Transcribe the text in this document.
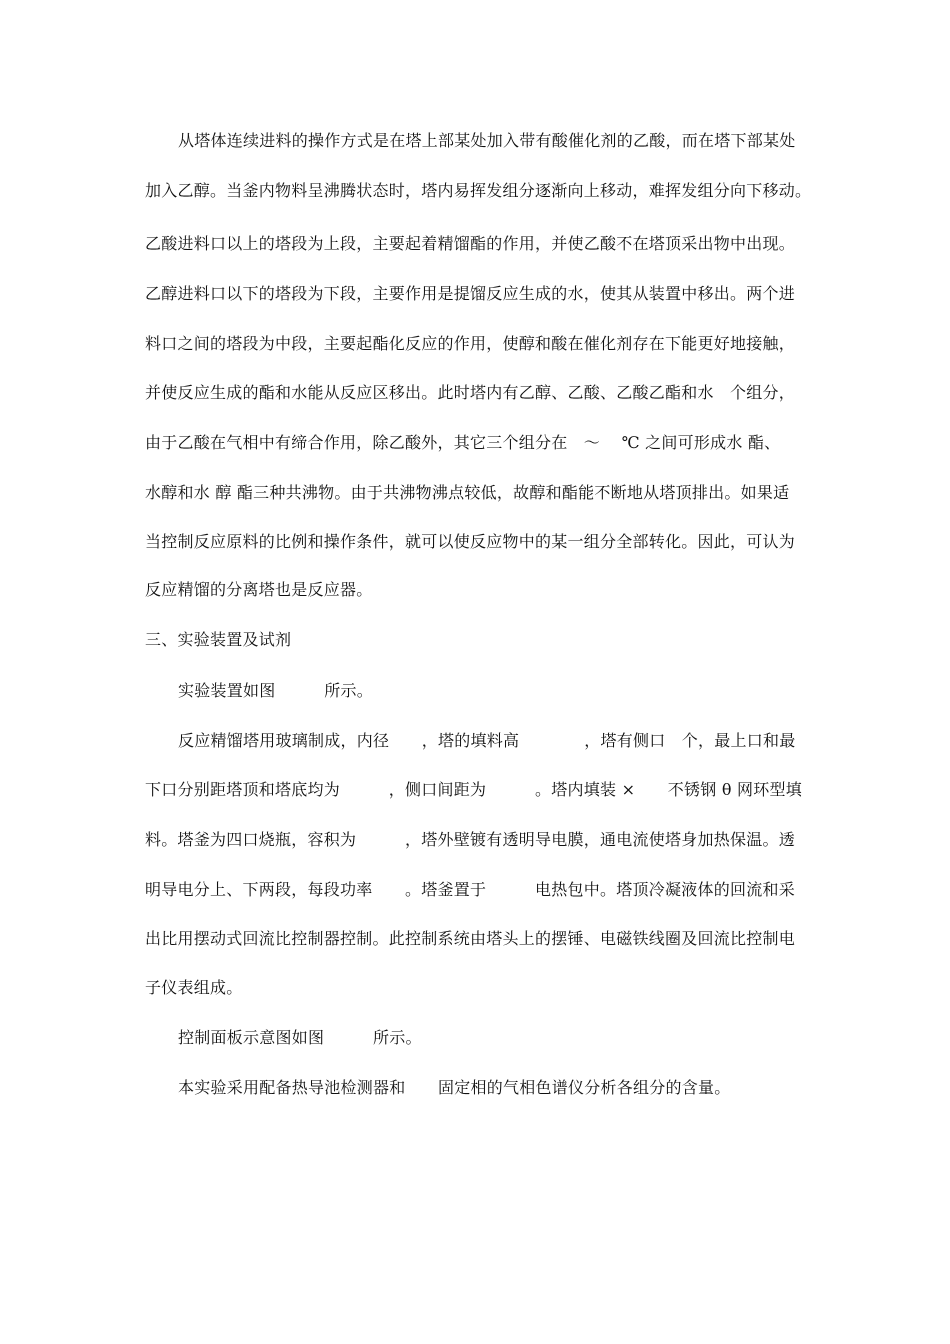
从塔体连续进料的操作方式是在塔上部某处加入带有酸催化剂的乙酸，而在塔下部某处
加入乙醇。当釜内物料呈沸腾状态时，塔内易挥发组分逐渐向上移动，难挥发组分向下移动。
乙酸进料口以上的塔段为上段，主要起着精馏酯的作用，并使乙酸不在塔顶采出物中出现。
乙醇进料口以下的塔段为下段，主要作用是提馏反应生成的水，使其从装置中移出。两个进
料口之间的塔段为中段，主要起酯化反应的作用，使醇和酸在催化剂存在下能更好地接触，
并使反应生成的酯和水能从反应区移出。此时塔内有乙醇、乙酸、乙酸乙酯和水　个组分，
由于乙酸在气相中有缔合作用，除乙酸外，其它三个组分在　～　 ℃ 之间可形成水 酯、
水醇和水 醇 酯三种共沸物。由于共沸物沸点较低，故醇和酯能不断地从塔顶排出。如果适
当控制反应原料的比例和操作条件，就可以使反应物中的某一组分全部转化。因此，可认为
反应精馏的分离塔也是反应器。
三、实验装置及试剂
实验装置如图　　　所示。
反应精馏塔用玻璃制成，内径　　，塔的填料高　　　　，塔有侧口　个，最上口和最
下口分别距塔顶和塔底均为　　　，侧口间距为　　　。塔内填装 ×　　不锈钢 θ 网环型填
料。塔釜为四口烧瓶，容积为　　　，塔外壁镀有透明导电膜，通电流使塔身加热保温。透
明导电分上、下两段，每段功率　　。塔釜置于　　　电热包中。塔顶冷凝液体的回流和采
出比用摆动式回流比控制器控制。此控制系统由塔头上的摆锤、电磁铁线圈及回流比控制电
子仪表组成。
控制面板示意图如图　　　所示。
本实验采用配备热导池检测器和　　固定相的气相色谱仪分析各组分的含量。
